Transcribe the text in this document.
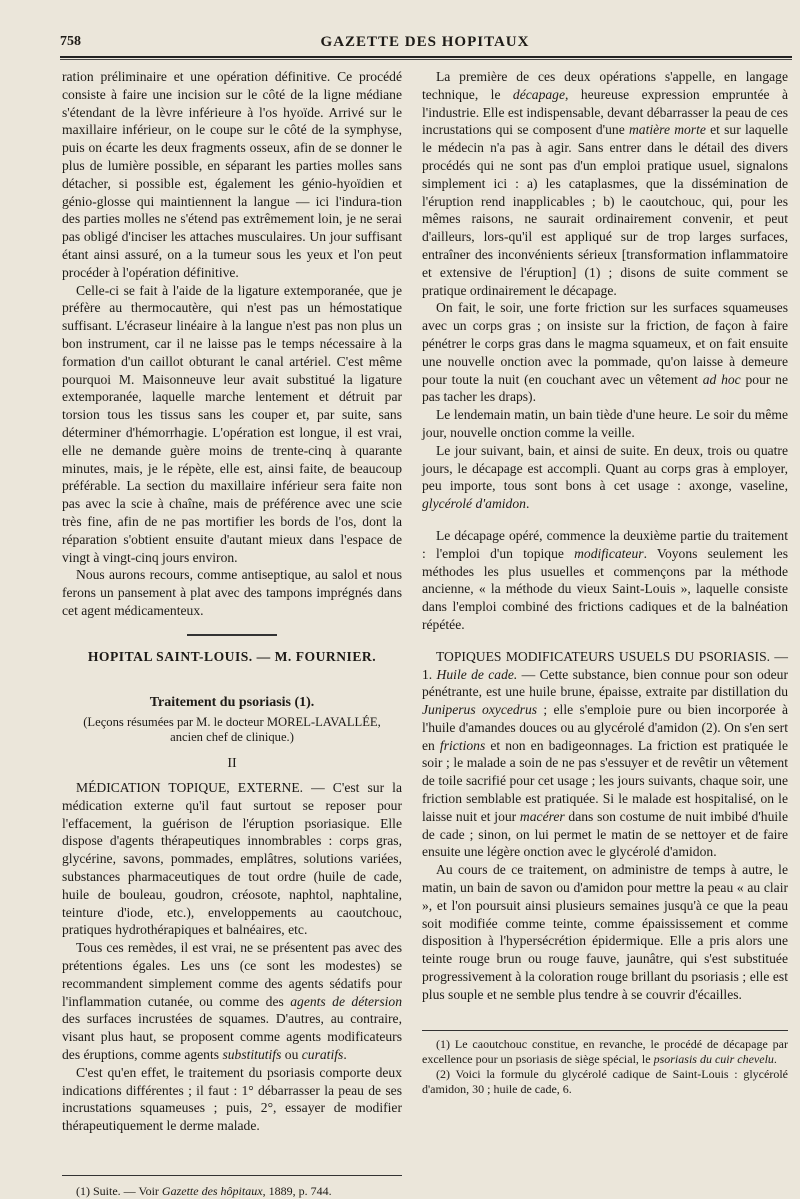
758	GAZETTE DES HOPITAUX

ration préliminaire et une opération définitive. Ce procédé consiste à faire une incision sur le côté de la ligne médiane s'étendant de la lèvre inférieure à l'os hyoïde. Arrivé sur le maxillaire inférieur, on le coupe sur le côté de la symphyse, puis on écarte les deux fragments osseux, afin de se donner le plus de lumière possible, en séparant les parties molles sans détacher, si possible est, également les génio-hyoïdien et génio-glosse qui maintiennent la langue — ici l'indura-tion des parties molles ne s'étend pas extrêmement loin, je ne serai pas obligé d'inciser les attaches musculaires. Un jour suffisant étant ainsi assuré, on a la tumeur sous les yeux et l'on peut procéder à l'opération définitive.

Celle-ci se fait à l'aide de la ligature extemporanée, que je préfère au thermocautère, qui n'est pas un hémostatique suffisant. L'écraseur linéaire à la langue n'est pas non plus un bon instrument, car il ne laisse pas le temps nécessaire à la formation d'un caillot obturant le canal artériel. C'est même pourquoi M. Maisonneuve leur avait substitué la ligature extemporanée, laquelle marche lentement et détruit par torsion tous les tissus sans les couper et, par suite, sans déterminer d'hémorrhagie. L'opération est longue, il est vrai, elle ne demande guère moins de trente-cinq à quarante minutes, mais, je le répète, elle est, ainsi faite, de beaucoup préférable. La section du maxillaire inférieur sera faite non pas avec la scie à chaîne, mais de préférence avec une scie très fine, afin de ne pas mortifier les bords de l'os, dont la réparation s'obtient ensuite d'autant mieux dans l'espace de vingt à vingt-cinq jours environ.

Nous aurons recours, comme antiseptique, au salol et nous ferons un pansement à plat avec des tampons imprégnés dans cet agent médicamenteux.

HOPITAL SAINT-LOUIS. — M. FOURNIER.
Traitement du psoriasis (1).
(Leçons résumées par M. le docteur MOREL-LAVALLÉE,
ancien chef de clinique.)
II

MÉDICATION TOPIQUE, EXTERNE. — C'est sur la médication externe qu'il faut surtout se reposer pour l'effacement, la guérison de l'éruption psoriasique. Elle dispose d'agents thérapeutiques innombrables : corps gras, glycérine, savons, pommades, emplâtres, solutions variées, substances pharmaceutiques de tout ordre (huile de cade, huile de bouleau, goudron, créosote, naphtol, naphtaline, teinture d'iode, etc.), enveloppements au caoutchouc, pratiques hydrothérapiques et balnéaires, etc.

Tous ces remèdes, il est vrai, ne se présentent pas avec des prétentions égales. Les uns (ce sont les modestes) se recommandent simplement comme des agents sédatifs pour l'inflammation cutanée, ou comme des agents de détersion des surfaces incrustées de squames. D'autres, au contraire, visant plus haut, se proposent comme agents modificateurs des éruptions, comme agents substitutifs ou curatifs.

C'est qu'en effet, le traitement du psoriasis comporte deux indications différentes ; il faut : 1° débarrasser la peau de ses incrustations squameuses ; puis, 2°, essayer de modifier thérapeutiquement le derme malade.

(1) Suite. — Voir Gazette des hôpitaux, 1889, p. 744.

La première de ces deux opérations s'appelle, en langage technique, le décapage, heureuse expression empruntée à l'industrie. Elle est indispensable, devant débarrasser la peau de ces incrustations qui se composent d'une matière morte et sur laquelle le médecin n'a pas à agir. Sans entrer dans le détail des divers procédés qui ne sont pas d'un emploi pratique usuel, signalons simplement ici : a) les cataplasmes, que la dissémination de l'éruption rend inapplicables ; b) le caoutchouc, qui, pour les mêmes raisons, ne saurait ordinairement convenir, et peut d'ailleurs, lors-qu'il est appliqué sur de trop larges surfaces, entraîner des inconvénients sérieux [transformation inflammatoire et extensive de l'éruption] (1) ; disons de suite comment se pratique ordinairement le décapage.

On fait, le soir, une forte friction sur les surfaces squameuses avec un corps gras ; on insiste sur la friction, de façon à faire pénétrer le corps gras dans le magma squameux, et on fait ensuite une nouvelle onction avec la pommade, qu'on laisse à demeure pour toute la nuit (en couchant avec un vêtement ad hoc pour ne pas tacher les draps).

Le lendemain matin, un bain tiède d'une heure. Le soir du même jour, nouvelle onction comme la veille.

Le jour suivant, bain, et ainsi de suite. En deux, trois ou quatre jours, le décapage est accompli. Quant au corps gras à employer, peu importe, tous sont bons à cet usage : axonge, vaseline, glycérolé d'amidon.

Le décapage opéré, commence la deuxième partie du traitement : l'emploi d'un topique modificateur. Voyons seulement les méthodes les plus usuelles et commençons par la méthode ancienne, « la méthode du vieux Saint-Louis », laquelle consiste dans l'emploi combiné des frictions cadiques et de la balnéation répétée.

TOPIQUES MODIFICATEURS USUELS DU PSORIASIS. — 1. Huile de cade. — Cette substance, bien connue pour son odeur pénétrante, est une huile brune, épaisse, extraite par distillation du Juniperus oxycedrus ; elle s'emploie pure ou bien incorporée à l'huile d'amandes douces ou au glycérolé d'amidon (2). On s'en sert en frictions et non en badigeonnages. La friction est pratiquée le soir ; le malade a soin de ne pas s'essuyer et de revêtir un vêtement de toile sacrifié pour cet usage ; les jours suivants, chaque soir, une friction semblable est pratiquée. Si le malade est hospitalisé, on le laisse nuit et jour macérer dans son costume de nuit imbibé d'huile de cade ; sinon, on lui permet le matin de se nettoyer et de faire ensuite une légère onction avec le glycérolé d'amidon.

Au cours de ce traitement, on administre de temps à autre, le matin, un bain de savon ou d'amidon pour mettre la peau « au clair », et l'on poursuit ainsi plusieurs semaines jusqu'à ce que la peau soit modifiée comme teinte, comme épaississement et comme disposition à l'hypersécrétion épidermique. Elle a pris alors une teinte rouge brun ou rouge fauve, jaunâtre, qui s'est substituée progressivement à la coloration rouge brillant du psoriasis ; elle est plus souple et ne semble plus tendre à se couvrir d'écailles.

(1) Le caoutchouc constitue, en revanche, le procédé de décapage par excellence pour un psoriasis de siège spécial, le psoriasis du cuir chevelu.

(2) Voici la formule du glycérolé cadique de Saint-Louis : glycérolé d'amidon, 30 ; huile de cade, 6.
